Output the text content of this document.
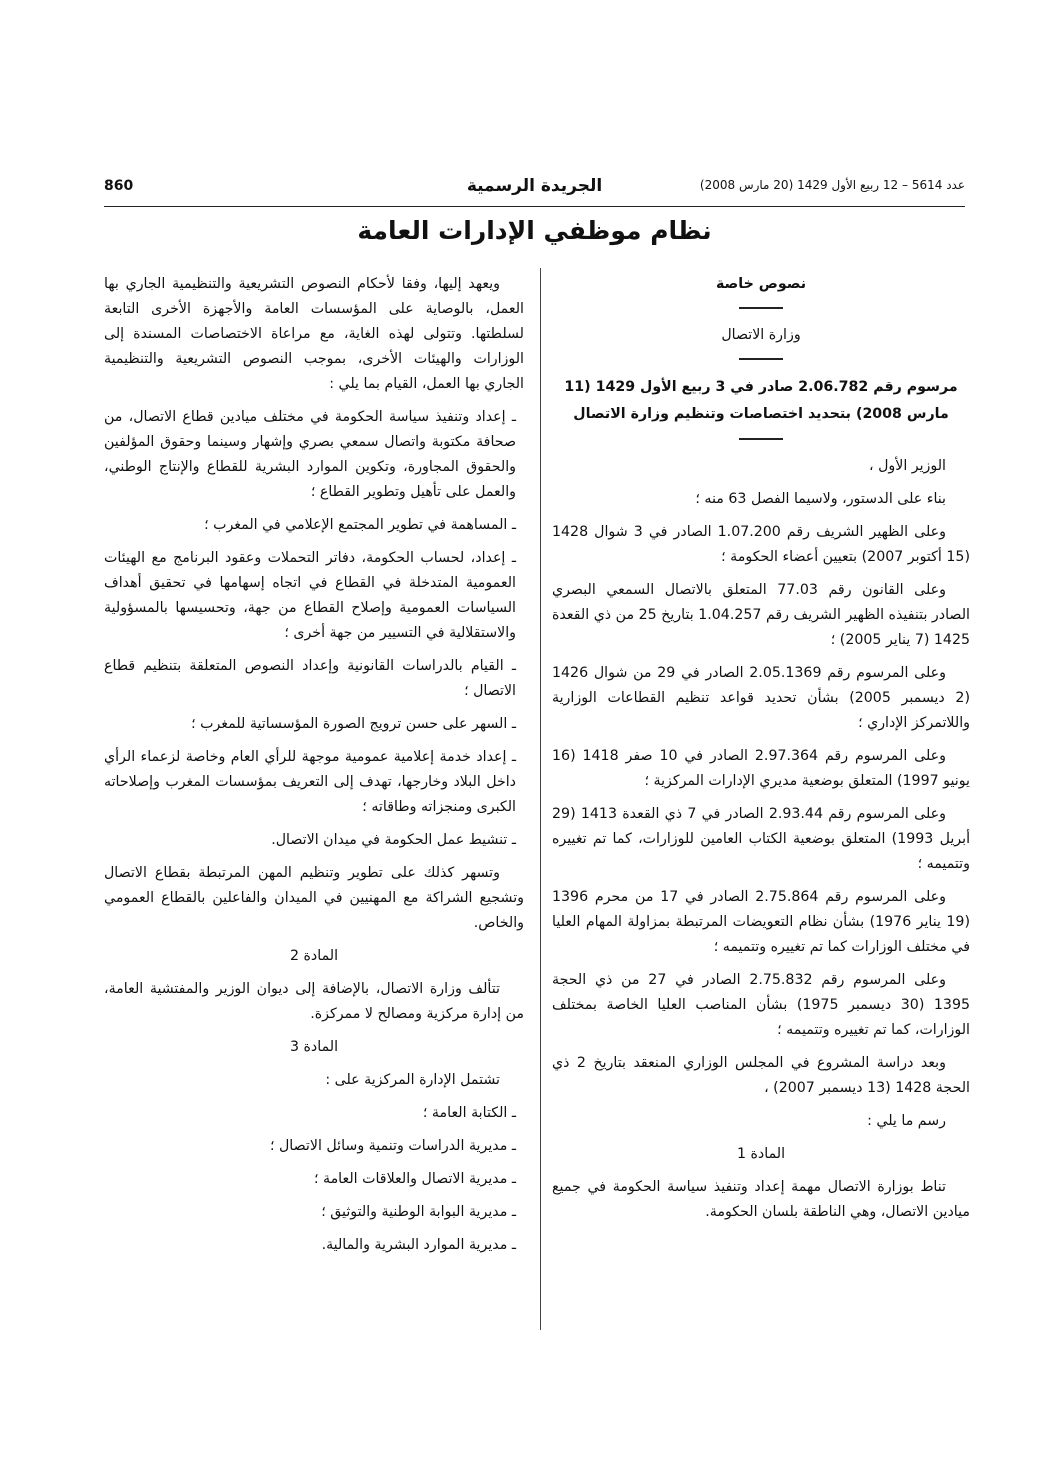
860	الجريدة الرسمية	عدد 5614 – 12 ربيع الأول 1429 (20 مارس 2008)
نظام موظفي الإدارات العامة

نصوص خاصة

وزارة الاتصال

مرسوم رقم 2.06.782 صادر في 3 ربيع الأول 1429 (11 مارس 2008) بتحديد اختصاصات وتنظيم وزارة الاتصال

الوزير الأول ،

بناء على الدستور، ولاسيما الفصل 63 منه ؛

وعلى الظهير الشريف رقم 1.07.200 الصادر في 3 شوال 1428 (15 أكتوبر 2007) بتعيين أعضاء الحكومة ؛

وعلى القانون رقم 77.03 المتعلق بالاتصال السمعي البصري الصادر بتنفيذه الظهير الشريف رقم 1.04.257 بتاريخ 25 من ذي القعدة 1425 (7 يناير 2005) ؛

وعلى المرسوم رقم 2.05.1369 الصادر في 29 من شوال 1426 (2 ديسمبر 2005) بشأن تحديد قواعد تنظيم القطاعات الوزارية واللاتمركز الإداري ؛

وعلى المرسوم رقم 2.97.364 الصادر في 10 صفر 1418 (16 يونيو 1997) المتعلق بوضعية مديري الإدارات المركزية ؛

وعلى المرسوم رقم 2.93.44 الصادر في 7 ذي القعدة 1413 (29 أبريل 1993) المتعلق بوضعية الكتاب العامين للوزارات، كما تم تغييره وتتميمه ؛

وعلى المرسوم رقم 2.75.864 الصادر في 17 من محرم 1396 (19 يناير 1976) بشأن نظام التعويضات المرتبطة بمزاولة المهام العليا في مختلف الوزارات كما تم تغييره وتتميمه ؛

وعلى المرسوم رقم 2.75.832 الصادر في 27 من ذي الحجة 1395 (30 ديسمبر 1975) بشأن المناصب العليا الخاصة بمختلف الوزارات، كما تم تغييره وتتميمه ؛

وبعد دراسة المشروع في المجلس الوزاري المنعقد بتاريخ 2 ذي الحجة 1428 (13 ديسمبر 2007) ،

رسم ما يلي :

المادة 1

تناط بوزارة الاتصال مهمة إعداد وتنفيذ سياسة الحكومة في جميع ميادين الاتصال، وهي الناطقة بلسان الحكومة.

ويعهد إليها، وفقا لأحكام النصوص التشريعية والتنظيمية الجاري بها العمل، بالوصاية على المؤسسات العامة والأجهزة الأخرى التابعة لسلطتها. وتتولى لهذه الغاية، مع مراعاة الاختصاصات المسندة إلى الوزارات والهيئات الأخرى، بموجب النصوص التشريعية والتنظيمية الجاري بها العمل، القيام بما يلي :

ـ إعداد وتنفيذ سياسة الحكومة في مختلف ميادين قطاع الاتصال، من صحافة مكتوبة واتصال سمعي بصري وإشهار وسينما وحقوق المؤلفين والحقوق المجاورة، وتكوين الموارد البشرية للقطاع والإنتاج الوطني، والعمل على تأهيل وتطوير القطاع ؛

ـ المساهمة في تطوير المجتمع الإعلامي في المغرب ؛

ـ إعداد، لحساب الحكومة، دفاتر التحملات وعقود البرنامج مع الهيئات العمومية المتدخلة في القطاع في اتجاه إسهامها في تحقيق أهداف السياسات العمومية وإصلاح القطاع من جهة، وتحسيسها بالمسؤولية والاستقلالية في التسيير من جهة أخرى ؛

ـ القيام بالدراسات القانونية وإعداد النصوص المتعلقة بتنظيم قطاع الاتصال ؛

ـ السهر على حسن ترويج الصورة المؤسساتية للمغرب ؛

ـ إعداد خدمة إعلامية عمومية موجهة للرأي العام وخاصة لزعماء الرأي داخل البلاد وخارجها، تهدف إلى التعريف بمؤسسات المغرب وإصلاحاته الكبرى ومنجزاته وطاقاته ؛

ـ تنشيط عمل الحكومة في ميدان الاتصال.

وتسهر كذلك على تطوير وتنظيم المهن المرتبطة بقطاع الاتصال وتشجيع الشراكة مع المهنيين في الميدان والفاعلين بالقطاع العمومي والخاص.

المادة 2

تتألف وزارة الاتصال، بالإضافة إلى ديوان الوزير والمفتشية العامة، من إدارة مركزية ومصالح لا ممركزة.

المادة 3

تشتمل الإدارة المركزية على :

ـ الكتابة العامة ؛

ـ مديرية الدراسات وتنمية وسائل الاتصال ؛

ـ مديرية الاتصال والعلاقات العامة ؛

ـ مديرية البوابة الوطنية والتوثيق ؛

ـ مديرية الموارد البشرية والمالية.
